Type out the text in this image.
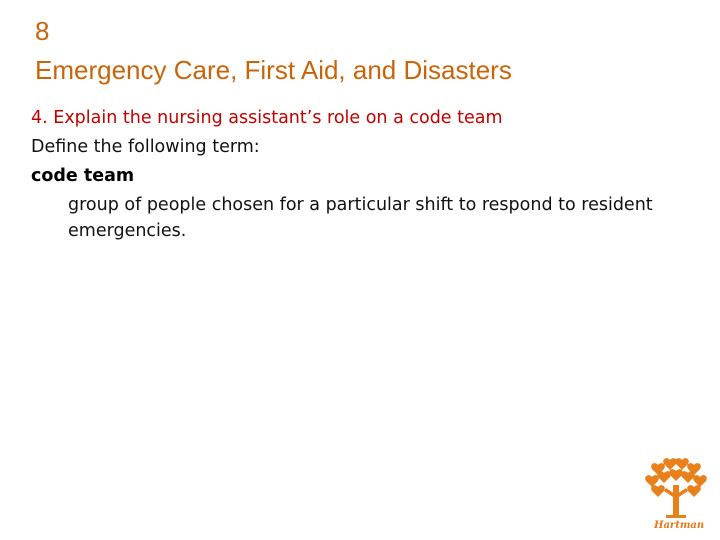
8
Emergency Care, First Aid, and Disasters
4. Explain the nursing assistant’s role on a code team
Define the following term:
code team
group of people chosen for a particular shift to respond to resident emergencies.
Hartman
